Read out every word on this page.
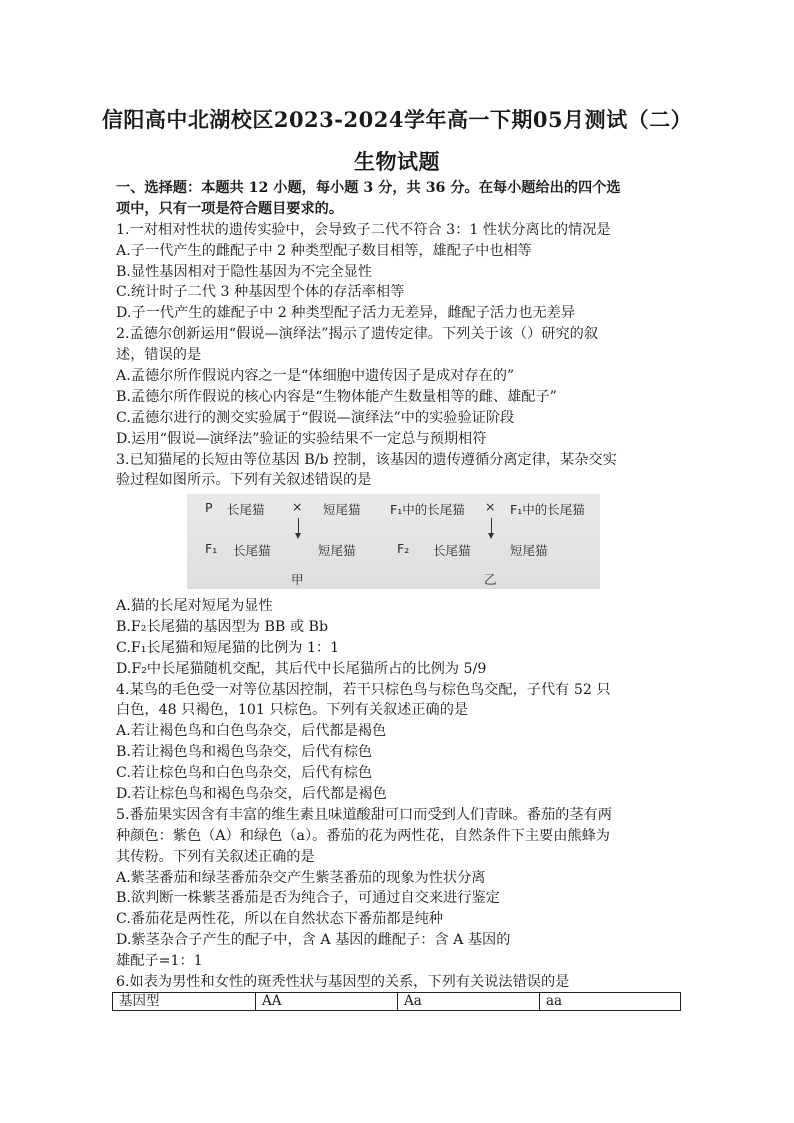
信阳高中北湖校区2023-2024学年高一下期05月测试（二）
生物试题
一、选择题：本题共 12 小题，每小题 3 分，共 36 分。在每小题给出的四个选
项中，只有一项是符合题目要求的。
1.一对相对性状的遗传实验中，会导致子二代不符合 3：1 性状分离比的情况是
A.子一代产生的雌配子中 2 种类型配子数目相等，雄配子中也相等
B.显性基因相对于隐性基因为不完全显性
C.统计时子二代 3 种基因型个体的存活率相等
D.子一代产生的雄配子中 2 种类型配子活力无差异，雌配子活力也无差异
2.孟德尔创新运用“假说—演绎法”揭示了遗传定律。下列关于该（）研究的叙
述，错误的是
A.孟德尔所作假说内容之一是“体细胞中遗传因子是成对存在的”
B.孟德尔所作假说的核心内容是“生物体能产生数量相等的雌、雄配子”
C.孟德尔进行的测交实验属于“假说—演绎法”中的实验验证阶段
D.运用“假说—演绎法”验证的实验结果不一定总与预期相符
3.已知猫尾的长短由等位基因 B/b 控制，该基因的遗传遵循分离定律，某杂交实
验过程如图所示。下列有关叙述错误的是
P 长尾猫 × 短尾猫
F₁ 长尾猫	短尾猫
甲
F₁中的长尾猫 × F₁中的长尾猫
F₂ 长尾猫	短尾猫
乙
A.猫的长尾对短尾为显性
B.F₂长尾猫的基因型为 BB 或 Bb
C.F₁长尾猫和短尾猫的比例为 1：1
D.F₂中长尾猫随机交配，其后代中长尾猫所占的比例为 5/9
4.某鸟的毛色受一对等位基因控制，若干只棕色鸟与棕色鸟交配，子代有 52 只
白色，48 只褐色，101 只棕色。下列有关叙述正确的是
A.若让褐色鸟和白色鸟杂交，后代都是褐色
B.若让褐色鸟和褐色鸟杂交，后代有棕色
C.若让棕色鸟和白色鸟杂交，后代有棕色
D.若让棕色鸟和褐色鸟杂交，后代都是褐色
5.番茄果实因含有丰富的维生素且味道酸甜可口而受到人们青睐。番茄的茎有两
种颜色：紫色（A）和绿色（a）。番茄的花为两性花，自然条件下主要由熊蜂为
其传粉。下列有关叙述正确的是
A.紫茎番茄和绿茎番茄杂交产生紫茎番茄的现象为性状分离
B.欲判断一株紫茎番茄是否为纯合子，可通过自交来进行鉴定
C.番茄花是两性花，所以在自然状态下番茄都是纯种
D.紫茎杂合子产生的配子中，含 A 基因的雌配子：含 A 基因的
雄配子=1：1
6.如表为男性和女性的斑秃性状与基因型的关系，下列有关说法错误的是
基因型	AA	Aa	aa
